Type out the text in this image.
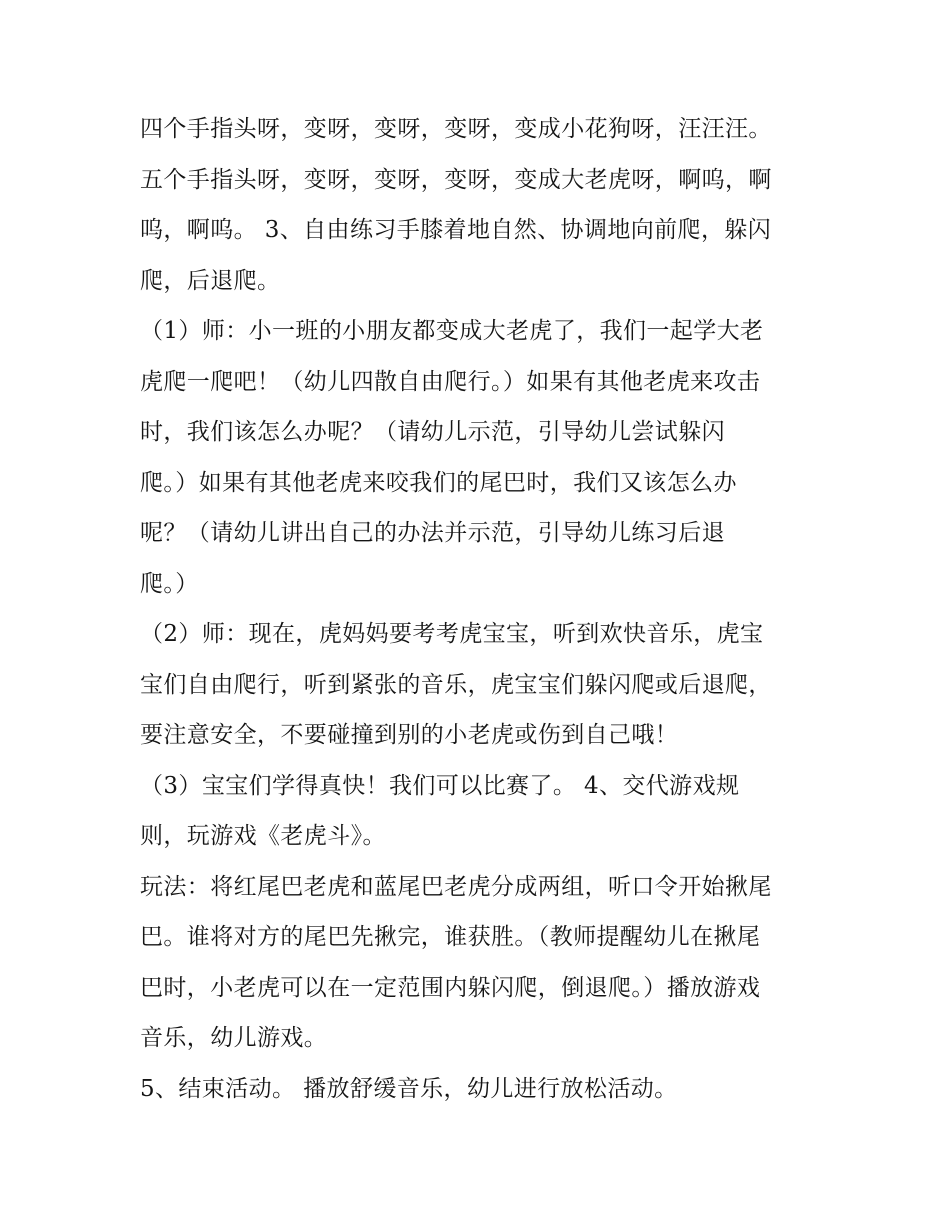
四个手指头呀，变呀，变呀，变呀，变成小花狗呀，汪汪汪。
五个手指头呀，变呀，变呀，变呀，变成大老虎呀，啊呜，啊
呜，啊呜。 3、自由练习手膝着地自然、协调地向前爬，躲闪
爬，后退爬。
（1）师：小一班的小朋友都变成大老虎了，我们一起学大老
虎爬一爬吧！（幼儿四散自由爬行。）如果有其他老虎来攻击
时，我们该怎么办呢？（请幼儿示范，引导幼儿尝试躲闪
爬。）如果有其他老虎来咬我们的尾巴时，我们又该怎么办
呢？（请幼儿讲出自己的办法并示范，引导幼儿练习后退
爬。）
（2）师：现在，虎妈妈要考考虎宝宝，听到欢快音乐，虎宝
宝们自由爬行，听到紧张的音乐，虎宝宝们躲闪爬或后退爬，
要注意安全，不要碰撞到别的小老虎或伤到自己哦！
（3）宝宝们学得真快！我们可以比赛了。 4、交代游戏规
则，玩游戏《老虎斗》。
玩法：将红尾巴老虎和蓝尾巴老虎分成两组，听口令开始揪尾
巴。谁将对方的尾巴先揪完，谁获胜。（教师提醒幼儿在揪尾
巴时，小老虎可以在一定范围内躲闪爬，倒退爬。）播放游戏
音乐，幼儿游戏。
5、结束活动。 播放舒缓音乐，幼儿进行放松活动。
